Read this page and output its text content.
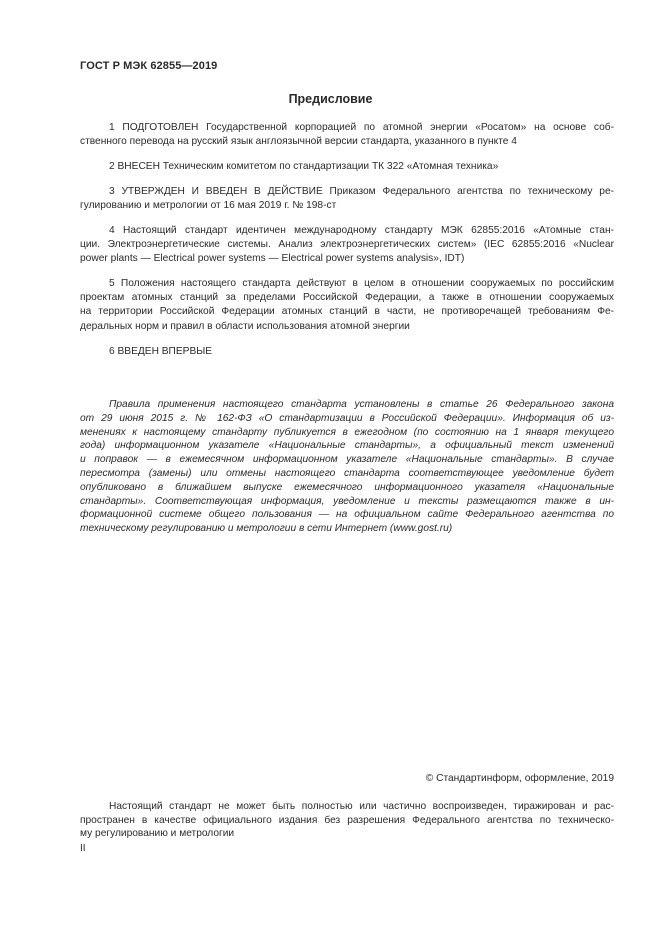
ГОСТ Р МЭК 62855—2019
Предисловие
1 ПОДГОТОВЛЕН Государственной корпорацией по атомной энергии «Росатом» на основе соб-
ственного перевода на русский язык англоязычной версии стандарта, указанного в пункте 4
2 ВНЕСЕН Техническим комитетом по стандартизации ТК 322 «Атомная техника»
3 УТВЕРЖДЕН И ВВЕДЕН В ДЕЙСТВИЕ Приказом Федерального агентства по техническому ре-
гулированию и метрологии от 16 мая 2019 г. № 198-ст
4 Настоящий стандарт идентичен международному стандарту МЭК 62855:2016 «Атомные стан-
ции. Электроэнергетические системы. Анализ электроэнергетических систем» (IEC 62855:2016 «Nuclear
power plants — Electrical power systems — Electrical power systems analysis», IDT)
5 Положения настоящего стандарта действуют в целом в отношении сооружаемых по российским
проектам атомных станций за пределами Российской Федерации, а также в отношении сооружаемых
на территории Российской Федерации атомных станций в части, не противоречащей требованиям Фе-
деральных норм и правил в области использования атомной энергии
6 ВВЕДЕН ВПЕРВЫЕ
Правила применения настоящего стандарта установлены в статье 26 Федерального закона
от 29 июня 2015 г. № 162-ФЗ «О стандартизации в Российской Федерации». Информация об из-
менениях к настоящему стандарту публикуется в ежегодном (по состоянию на 1 января текущего
года) информационном указателе «Национальные стандарты», а официальный текст изменений
и поправок — в ежемесячном информационном указателе «Национальные стандарты». В случае
пересмотра (замены) или отмены настоящего стандарта соответствующее уведомление будет
опубликовано в ближайшем выпуске ежемесячного информационного указателя «Национальные
стандарты». Соответствующая информация, уведомление и тексты размещаются также в ин-
формационной системе общего пользования — на официальном сайте Федерального агентства по
техническому регулированию и метрологии в сети Интернет (www.gost.ru)
© Стандартинформ, оформление, 2019
Настоящий стандарт не может быть полностью или частично воспроизведен, тиражирован и рас-
пространен в качестве официального издания без разрешения Федерального агентства по техническо-
му регулированию и метрологии
II
